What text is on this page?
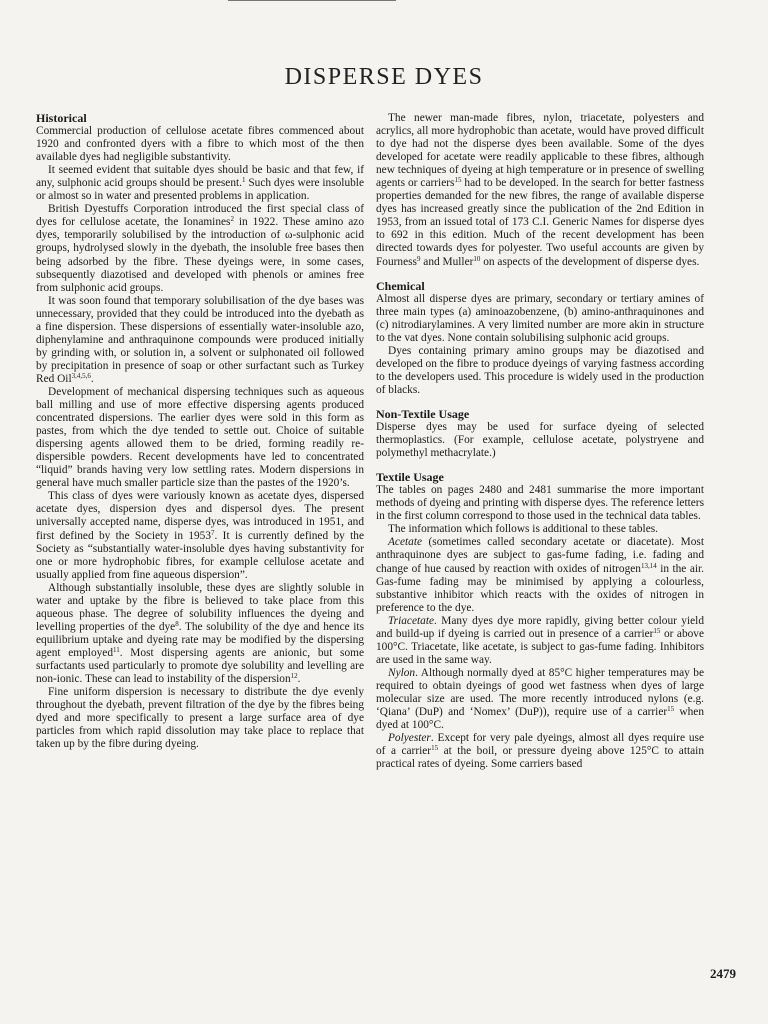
DISPERSE DYES

Historical

Commercial production of cellulose acetate fibres commenced about 1920 and confronted dyers with a fibre to which most of the then available dyes had negligible substantivity.

It seemed evident that suitable dyes should be basic and that few, if any, sulphonic acid groups should be present.$^1$ Such dyes were insoluble or almost so in water and presented problems in application.

British Dyestuffs Corporation introduced the first special class of dyes for cellulose acetate, the Ionamines$^2$ in 1922. These amino azo dyes, temporarily solubilised by the introduction of ω-sulphonic acid groups, hydrolysed slowly in the dyebath, the insoluble free bases then being adsorbed by the fibre. These dyeings were, in some cases, subsequently diazotised and developed with phenols or amines free from sulphonic acid groups.

It was soon found that temporary solubilisation of the dye bases was unnecessary, provided that they could be introduced into the dyebath as a fine dispersion. These dispersions of essentially water-insoluble azo, diphenylamine and anthraquinone compounds were produced initially by grinding with, or solution in, a solvent or sulphonated oil followed by precipitation in presence of soap or other surfactant such as Turkey Red Oil$^{3,4,5,6}$.

Development of mechanical dispersing techniques such as aqueous ball milling and use of more effective dispersing agents produced concentrated dispersions. The earlier dyes were sold in this form as pastes, from which the dye tended to settle out. Choice of suitable dispersing agents allowed them to be dried, forming readily re-dispersible powders. Recent developments have led to concentrated “liquid” brands having very low settling rates. Modern dispersions in general have much smaller particle size than the pastes of the 1920’s.

This class of dyes were variously known as acetate dyes, dispersed acetate dyes, dispersion dyes and dispersol dyes. The present universally accepted name, disperse dyes, was introduced in 1951, and first defined by the Society in 1953$^7$. It is currently defined by the Society as “substantially water-insoluble dyes having substantivity for one or more hydrophobic fibres, for example cellulose acetate and usually applied from fine aqueous dispersion”.

Although substantially insoluble, these dyes are slightly soluble in water and uptake by the fibre is believed to take place from this aqueous phase. The degree of solubility influences the dyeing and levelling properties of the dye$^8$. The solubility of the dye and hence its equilibrium uptake and dyeing rate may be modified by the dispersing agent employed$^{11}$. Most dispersing agents are anionic, but some surfactants used particularly to promote dye solubility and levelling are non-ionic. These can lead to instability of the dispersion$^{12}$.

Fine uniform dispersion is necessary to distribute the dye evenly throughout the dyebath, prevent filtration of the dye by the fibres being dyed and more specifically to present a large surface area of dye particles from which rapid dissolution may take place to replace that taken up by the fibre during dyeing.

The newer man-made fibres, nylon, triacetate, polyesters and acrylics, all more hydrophobic than acetate, would have proved difficult to dye had not the disperse dyes been available. Some of the dyes developed for acetate were readily applicable to these fibres, although new techniques of dyeing at high temperature or in presence of swelling agents or carriers$^{15}$ had to be developed. In the search for better fastness properties demanded for the new fibres, the range of available disperse dyes has increased greatly since the publication of the 2nd Edition in 1953, from an issued total of 173 C.I. Generic Names for disperse dyes to 692 in this edition. Much of the recent development has been directed towards dyes for polyester. Two useful accounts are given by Fourness$^9$ and Muller$^{10}$ on aspects of the development of disperse dyes.

Chemical

Almost all disperse dyes are primary, secondary or tertiary amines of three main types (a) aminoazobenzene, (b) amino-anthraquinones and (c) nitrodiarylamines. A very limited number are more akin in structure to the vat dyes. None contain solubilising sulphonic acid groups.

Dyes containing primary amino groups may be diazotised and developed on the fibre to produce dyeings of varying fastness according to the developers used. This procedure is widely used in the production of blacks.

Non-Textile Usage

Disperse dyes may be used for surface dyeing of selected thermoplastics. (For example, cellulose acetate, polystryene and polymethyl methacrylate.)

Textile Usage

The tables on pages 2480 and 2481 summarise the more important methods of dyeing and printing with disperse dyes. The reference letters in the first column correspond to those used in the technical data tables.

The information which follows is additional to these tables.

Acetate (sometimes called secondary acetate or diacetate). Most anthraquinone dyes are subject to gas-fume fading, i.e. fading and change of hue caused by reaction with oxides of nitrogen$^{13,14}$ in the air. Gas-fume fading may be minimised by applying a colourless, substantive inhibitor which reacts with the oxides of nitrogen in preference to the dye.

Triacetate. Many dyes dye more rapidly, giving better colour yield and build-up if dyeing is carried out in presence of a carrier$^{15}$ or above 100°C. Triacetate, like acetate, is subject to gas-fume fading. Inhibitors are used in the same way.

Nylon. Although normally dyed at 85°C higher temperatures may be required to obtain dyeings of good wet fastness when dyes of large molecular size are used. The more recently introduced nylons (e.g. ‘Qiana’ (DuP) and ‘Nomex’ (DuP)), require use of a carrier$^{15}$ when dyed at 100°C.

Polyester. Except for very pale dyeings, almost all dyes require use of a carrier$^{15}$ at the boil, or pressure dyeing above 125°C to attain practical rates of dyeing. Some carriers based

2479
